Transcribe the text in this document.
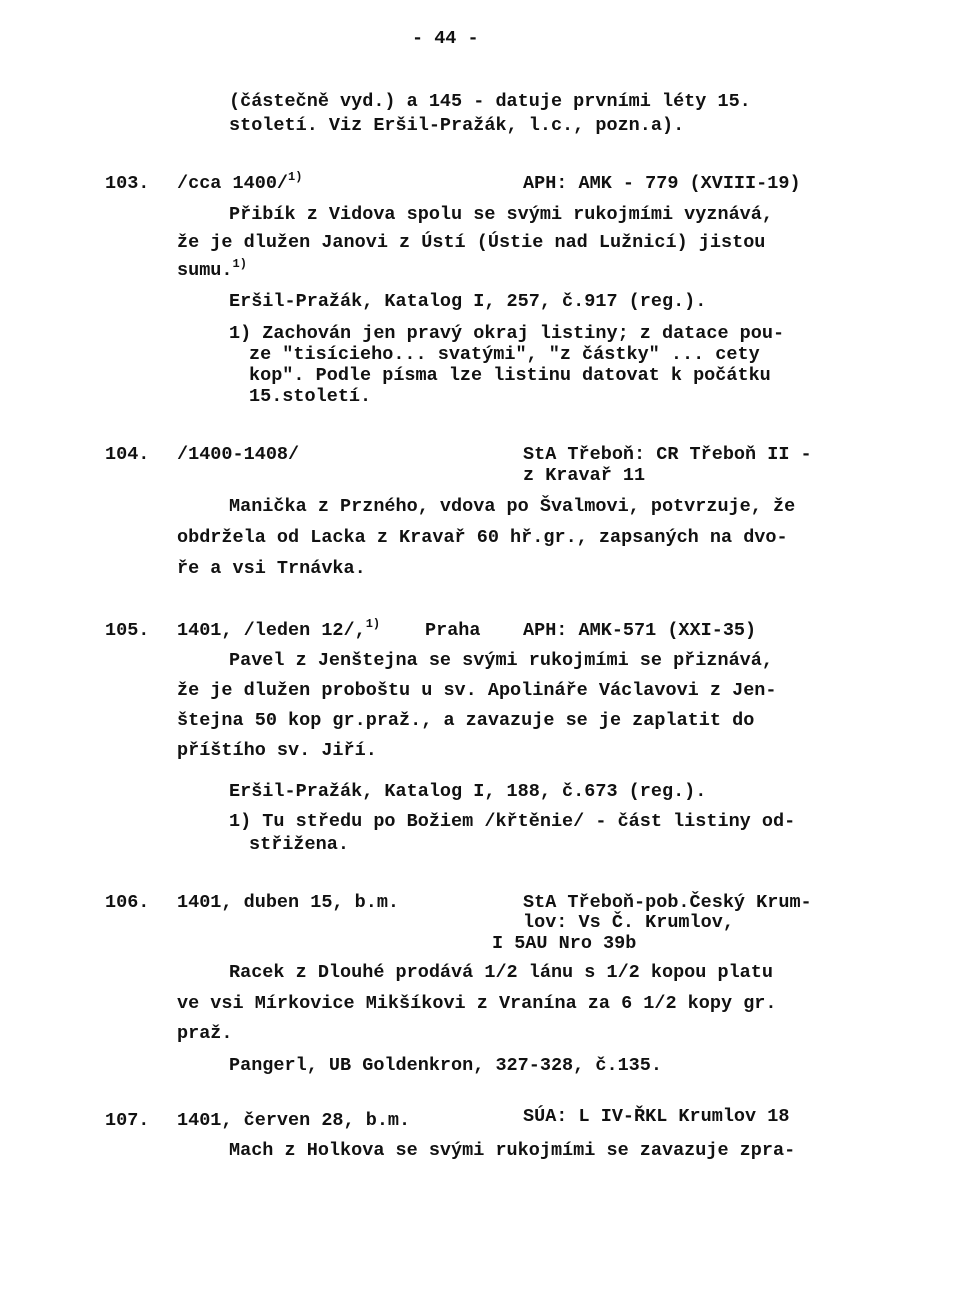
- 44 -
(částečně vyd.) a 145 - datuje prvními léty 15.
století. Viz Eršil-Pražák, l.c., pozn.a).
103. /cca 1400/$^{1)}$	APH: AMK - 779 (XVIII-19)
Přibík z Vidova spolu se svými rukojmími vyznává,
že je dlužen Janovi z Ústí (Ústie nad Lužnicí) jistou
sumu.$^{1)}$
Eršil-Pražák, Katalog I, 257, č.917 (reg.).
1) Zachován jen pravý okraj listiny; z datace pou-
ze "tisícieho... svatými", "z částky" ... cety
kop". Podle písma lze listinu datovat k počátku
15.století.
104. /1400-1408/	StA Třeboň: CR Třeboň II -
z Kravař 11
Manička z Przného, vdova po Švalmovi, potvrzuje, že
obdržela od Lacka z Kravař 60 hř.gr., zapsaných na dvo-
ře a vsi Trnávka.
105. 1401, /leden 12/,$^{1)}$ Praha APH: AMK-571 (XXI-35)
Pavel z Jenštejna se svými rukojmími se přiznává,
že je dlužen proboštu u sv. Apolináře Václavovi z Jen-
štejna 50 kop gr.praž., a zavazuje se je zaplatit do
příštího sv. Jiří.
Eršil-Pražák, Katalog I, 188, č.673 (reg.).
1) Tu středu po Božiem /křtěnie/ - část listiny od-
střižena.
106. 1401, duben 15, b.m.	StA Třeboň-pob.Český Krum-
lov: Vs Č. Krumlov,
I 5AU Nro 39b
Racek z Dlouhé prodává 1/2 lánu s 1/2 kopou platu
ve vsi Mírkovice Mikšíkovi z Vranína za 6 1/2 kopy gr.
praž.
Pangerl, UB Goldenkron, 327-328, č.135.
107. 1401, červen 28, b.m.	SÚA: L IV-ŘKL Krumlov 18
Mach z Holkova se svými rukojmími se zavazuje zpra-
